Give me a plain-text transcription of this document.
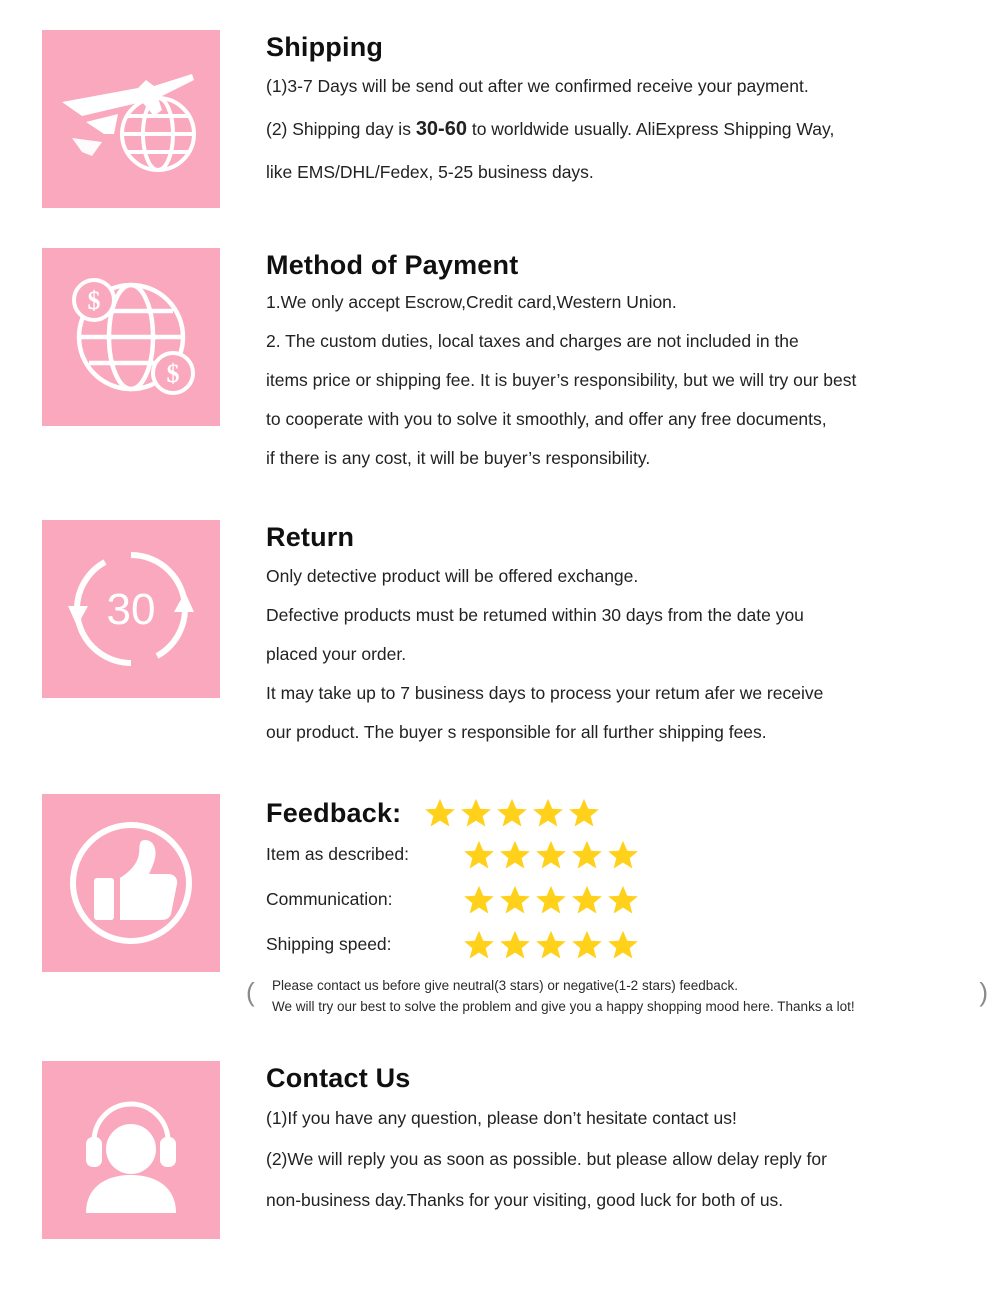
Shipping
(1)3-7 Days will be send out after we confirmed receive your payment.
(2) Shipping day is 30-60 to worldwide usually. AliExpress Shipping Way,
like EMS/DHL/Fedex, 5-25 business days.
$
$
Method of Payment
1.We only accept Escrow,Credit card,Western Union.
2. The custom duties, local taxes and charges are not included in the
items price or shipping fee. It is buyer’s responsibility, but we will try our best
to cooperate with you to solve it smoothly, and offer any free documents,
if there is any cost, it will be buyer’s responsibility.
30
Return
Only detective product will be offered exchange.
Defective products must be retumed within 30 days from the date you
placed your order.
It may take up to 7 business days to process your retum afer we receive
our product. The buyer s responsible for all further shipping fees.
Feedback:
Item as described:
Communication:
Shipping speed:
( Please contact us before give neutral(3 stars) or negative(1-2 stars) feedback.
We will try our best to solve the problem and give you a happy shopping mood here. Thanks a lot!	)
Contact Us
(1)If you have any question, please don’t hesitate contact us!
(2)We will reply you as soon as possible. but please allow delay reply for
non-business day.Thanks for your visiting, good luck for both of us.
